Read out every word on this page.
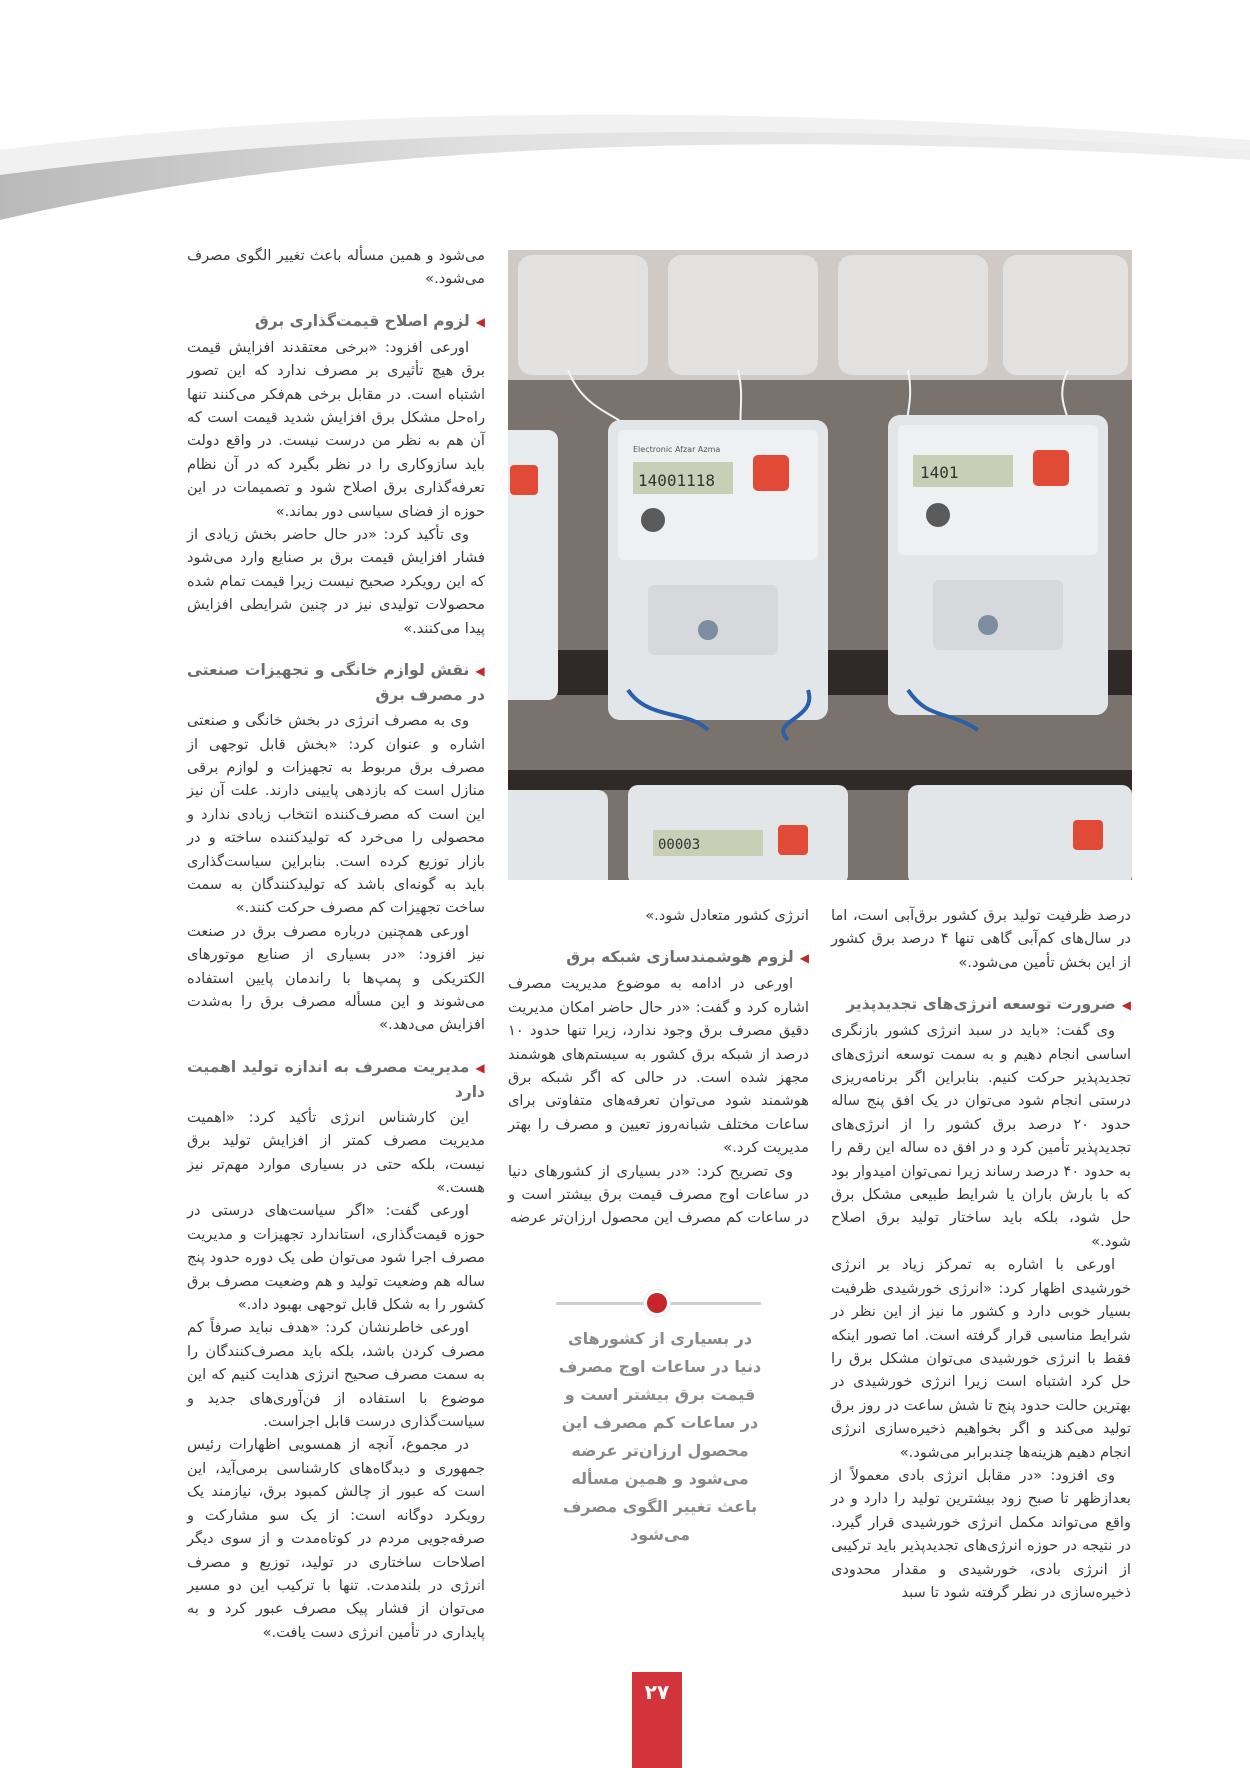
14001118
Electronic Afzar Azma
1401
00003

می‌شود و همین مسأله باعث تغییر الگوی مصرف می‌شود.»

◀لزوم اصلاح قیمت‌گذاری برق

اورعی افزود: «برخی معتقدند افزایش قیمت برق هیچ تأثیری بر مصرف ندارد که این تصور اشتباه است. در مقابل برخی هم‌فکر می‌کنند تنها راه‌حل مشکل برق افزایش شدید قیمت است که آن هم به نظر من درست نیست. در واقع دولت باید سازوکاری را در نظر بگیرد که در آن نظام تعرفه‌گذاری برق اصلاح شود و تصمیمات در این حوزه از فضای سیاسی دور بماند.»

وی تأکید کرد: «در حال حاضر بخش زیادی از فشار افزایش قیمت برق بر صنایع وارد می‌شود که این رویکرد صحیح نیست زیرا قیمت تمام شده محصولات تولیدی نیز در چنین شرایطی افزایش پیدا می‌کنند.»

◀نقش لوازم خانگی و تجهیزات صنعتی در مصرف برق

وی به مصرف انرژی در بخش خانگی و صنعتی اشاره و عنوان کرد: «بخش قابل توجهی از مصرف برق مربوط به تجهیزات و لوازم برقی منازل است که بازدهی پایینی دارند. علت آن نیز این است که مصرف‌کننده انتخاب زیادی ندارد و محصولی را می‌خرد که تولیدکننده ساخته و در بازار توزیع کرده است. بنابراین سیاست‌گذاری باید به گونه‌ای باشد که تولیدکنندگان به سمت ساخت تجهیزات کم مصرف حرکت کنند.»

اورعی همچنین درباره مصرف برق در صنعت نیز افزود: «در بسیاری از صنایع موتورهای الکتریکی و پمپ‌ها با راندمان پایین استفاده می‌شوند و این مسأله مصرف برق را به‌شدت افزایش می‌دهد.»

◀مدیریت مصرف به اندازه تولید اهمیت دارد

این کارشناس انرژی تأکید کرد: «اهمیت مدیریت مصرف کمتر از افزایش تولید برق نیست، بلکه حتی در بسیاری موارد مهم‌تر نیز هست.»

اورعی گفت: «اگر سیاست‌های درستی در حوزه قیمت‌گذاری، استاندارد تجهیزات و مدیریت مصرف اجرا شود می‌توان طی یک دوره حدود پنج ساله هم وضعیت تولید و هم وضعیت مصرف برق کشور را به شکل قابل توجهی بهبود داد.»

اورعی خاطرنشان کرد: «هدف نباید صرفاً کم مصرف کردن باشد، بلکه باید مصرف‌کنندگان را به سمت مصرف صحیح انرژی هدایت کنیم که این موضوع با استفاده از فن‌آوری‌های جدید و سیاست‌گذاری درست قابل اجراست.

در مجموع، آنچه از همسویی اظهارات رئیس جمهوری و دیدگاه‌های کارشناسی برمی‌آید، این است که عبور از چالش کمبود برق، نیازمند یک رویکرد دوگانه است: از یک سو مشارکت و صرفه‌جویی مردم در کوتاه‌مدت و از سوی دیگر اصلاحات ساختاری در تولید، توزیع و مصرف انرژی در بلندمدت. تنها با ترکیب این دو مسیر می‌توان از فشار پیک مصرف عبور کرد و به پایداری در تأمین انرژی دست یافت.»

انرژی کشور متعادل شود.»

◀لزوم هوشمندسازی شبکه برق

اورعی در ادامه به موضوع مدیریت مصرف اشاره کرد و گفت: «در حال حاضر امکان مدیریت دقیق مصرف برق وجود ندارد، زیرا تنها حدود ۱۰ درصد از شبکه برق کشور به سیستم‌های هوشمند مجهز شده است. در حالی که اگر شبکه برق هوشمند شود می‌توان تعرفه‌های متفاوتی برای ساعات مختلف شبانه‌روز تعیین و مصرف را بهتر مدیریت کرد.»

وی تصریح کرد: «در بسیاری از کشورهای دنیا در ساعات اوج مصرف قیمت برق بیشتر است و در ساعات کم مصرف این محصول ارزان‌تر عرضه

در بسیاری از کشورهای دنیا در ساعات اوج مصرف قیمت برق بیشتر است و در ساعات کم مصرف این محصول ارزان‌تر عرضه می‌شود و همین مسأله باعث تغییر الگوی مصرف می‌شود

درصد ظرفیت تولید برق کشور برق‌آبی است، اما در سال‌های کم‌آبی گاهی تنها ۴ درصد برق کشور از این بخش تأمین می‌شود.»

◀ضرورت توسعه انرژی‌های تجدیدپذیر

وی گفت: «باید در سبد انرژی کشور بازنگری اساسی انجام دهیم و به سمت توسعه انرژی‌های تجدیدپذیر حرکت کنیم. بنابراین اگر برنامه‌ریزی درستی انجام شود می‌توان در یک افق پنج ساله حدود ۲۰ درصد برق کشور را از انرژی‌های تجدیدپذیر تأمین کرد و در افق ده ساله این رقم را به حدود ۴۰ درصد رساند زیرا نمی‌توان امیدوار بود که با بارش باران یا شرایط طبیعی مشکل برق حل شود، بلکه باید ساختار تولید برق اصلاح شود.»

اورعی با اشاره به تمرکز زیاد بر انرژی خورشیدی اظهار کرد: «انرژی خورشیدی ظرفیت بسیار خوبی دارد و کشور ما نیز از این نظر در شرایط مناسبی قرار گرفته است. اما تصور اینکه فقط با انرژی خورشیدی می‌توان مشکل برق را حل کرد اشتباه است زیرا انرژی خورشیدی در بهترین حالت حدود پنج تا شش ساعت در روز برق تولید می‌کند و اگر بخواهیم ذخیره‌سازی انرژی انجام دهیم هزینه‌ها چندبرابر می‌شود.»

وی افزود: «در مقابل انرژی بادی معمولاً از بعدازظهر تا صبح زود بیشترین تولید را دارد و در واقع می‌تواند مکمل انرژی خورشیدی قرار گیرد. در نتیجه در حوزه انرژی‌های تجدیدپذیر باید ترکیبی از انرژی بادی، خورشیدی و مقدار محدودی ذخیره‌سازی در نظر گرفته شود تا سبد

۲۷
